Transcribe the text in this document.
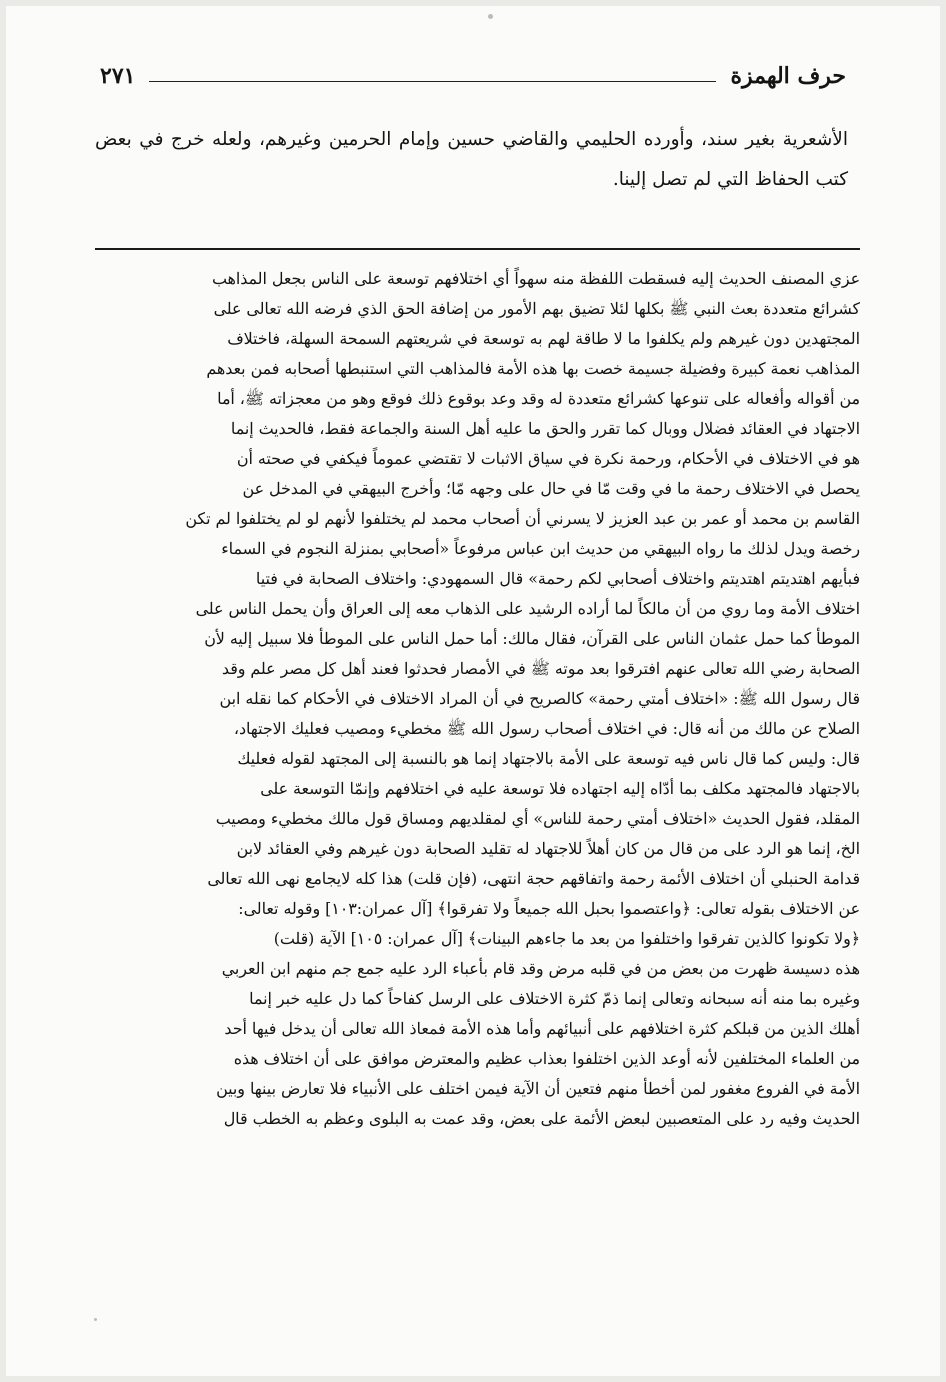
حرف الهمزة
٢٧١

الأشعرية بغير سند، وأورده الحليمي والقاضي حسين وإمام الحرمين وغيرهم، ولعله خرج في بعض كتب الحفاظ التي لم تصل إلينا.

عزي المصنف الحديث إليه فسقطت اللفظة منه سهواً أي اختلافهم توسعة على الناس بجعل المذاهب
كشرائع متعددة بعث النبي ﷺ بكلها لئلا تضيق بهم الأمور من إضافة الحق الذي فرضه الله تعالى على
المجتهدين دون غيرهم ولم يكلفوا ما لا طاقة لهم به توسعة في شريعتهم السمحة السهلة، فاختلاف
المذاهب نعمة كبيرة وفضيلة جسيمة خصت بها هذه الأمة فالمذاهب التي استنبطها أصحابه فمن بعدهم
من أقواله وأفعاله على تنوعها كشرائع متعددة له وقد وعد بوقوع ذلك فوقع وهو من معجزاته ﷺ، أما
الاجتهاد في العقائد فضلال ووبال كما تقرر والحق ما عليه أهل السنة والجماعة فقط، فالحديث إنما
هو في الاختلاف في الأحكام، ورحمة نكرة في سياق الاثبات لا تقتضي عموماً فيكفي في صحته أن
يحصل في الاختلاف رحمة ما في وقت مّا في حال على وجهه مّا؛ وأخرج البيهقي في المدخل عن
القاسم بن محمد أو عمر بن عبد العزيز لا يسرني أن أصحاب محمد لم يختلفوا لأنهم لو لم يختلفوا لم تكن
رخصة ويدل لذلك ما رواه البيهقي من حديث ابن عباس مرفوعاً «أصحابي بمنزلة النجوم في السماء
فبأيهم اهتديتم اهتديتم واختلاف أصحابي لكم رحمة» قال السمهودي: واختلاف الصحابة في فتيا
اختلاف الأمة وما روي من أن مالكاً لما أراده الرشيد على الذهاب معه إلى العراق وأن يحمل الناس على
الموطأ كما حمل عثمان الناس على القرآن، فقال مالك: أما حمل الناس على الموطأ فلا سبيل إليه لأن
الصحابة رضي الله تعالى عنهم افترقوا بعد موته ﷺ في الأمصار فحدثوا فعند أهل كل مصر علم وقد
قال رسول الله ﷺ: «اختلاف أمتي رحمة» كالصريح في أن المراد الاختلاف في الأحكام كما نقله ابن
الصلاح عن مالك من أنه قال: في اختلاف أصحاب رسول الله ﷺ مخطيء ومصيب فعليك الاجتهاد،
قال: وليس كما قال ناس فيه توسعة على الأمة بالاجتهاد إنما هو بالنسبة إلى المجتهد لقوله فعليك
بالاجتهاد فالمجتهد مكلف بما أدّاه إليه اجتهاده فلا توسعة عليه في اختلافهم وإنمّا التوسعة على
المقلد، فقول الحديث «اختلاف أمتي رحمة للناس» أي لمقلديهم ومساق قول مالك مخطيء ومصيب
الخ، إنما هو الرد على من قال من كان أهلاً للاجتهاد له تقليد الصحابة دون غيرهم وفي العقائد لابن
قدامة الحنبلي أن اختلاف الأئمة رحمة واتفاقهم حجة انتهى، (فإن قلت) هذا كله لايجامع نهى الله تعالى
عن الاختلاف بقوله تعالى: ﴿واعتصموا بحبل الله جميعاً ولا تفرقوا﴾ [آل عمران:١٠٣] وقوله تعالى:
﴿ولا تكونوا كالذين تفرقوا واختلفوا من بعد ما جاءهم البينات﴾ [آل عمران: ١٠٥] الآية (قلت)
هذه دسيسة ظهرت من بعض من في قلبه مرض وقد قام بأعباء الرد عليه جمع جم منهم ابن العربي
وغيره بما منه أنه سبحانه وتعالى إنما ذمّ كثرة الاختلاف على الرسل كفاحاً كما دل عليه خبر إنما
أهلك الذين من قبلكم كثرة اختلافهم على أنبيائهم وأما هذه الأمة فمعاذ الله تعالى أن يدخل فيها أحد
من العلماء المختلفين لأنه أوعد الذين اختلفوا بعذاب عظيم والمعترض موافق على أن اختلاف هذه
الأمة في الفروع مغفور لمن أخطأ منهم فتعين أن الآية فيمن اختلف على الأنبياء فلا تعارض بينها وبين
الحديث وفيه رد على المتعصبين لبعض الأئمة على بعض، وقد عمت به البلوى وعظم به الخطب قال
